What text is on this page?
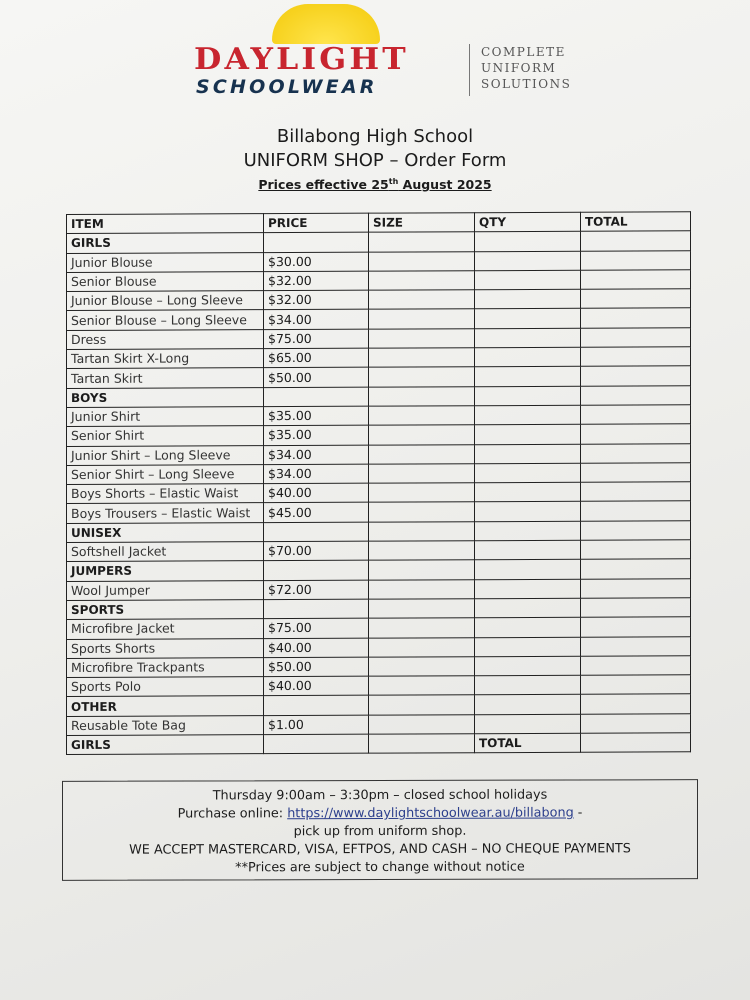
DAYLIGHT
SCHOOLWEAR
COMPLETE
UNIFORM
SOLUTIONS
Billabong High School
UNIFORM SHOP – Order Form
Prices effective 25th August 2025
ITEM	PRICE	SIZE	QTY	TOTAL
GIRLS				
Junior Blouse	$30.00			
Senior Blouse	$32.00			
Junior Blouse – Long Sleeve	$32.00			
Senior Blouse – Long Sleeve	$34.00			
Dress	$75.00			
Tartan Skirt X-Long	$65.00			
Tartan Skirt	$50.00			
BOYS				
Junior Shirt	$35.00			
Senior Shirt	$35.00			
Junior Shirt – Long Sleeve	$34.00			
Senior Shirt – Long Sleeve	$34.00			
Boys Shorts – Elastic Waist	$40.00			
Boys Trousers – Elastic Waist	$45.00			
UNISEX				
Softshell Jacket	$70.00			
JUMPERS				
Wool Jumper	$72.00			
SPORTS				
Microfibre Jacket	$75.00			
Sports Shorts	$40.00			
Microfibre Trackpants	$50.00			
Sports Polo	$40.00			
OTHER				
Reusable Tote Bag	$1.00			
GIRLS			TOTAL	
Thursday 9:00am – 3:30pm – closed school holidays
Purchase online: https://www.daylightschoolwear.au/billabong -
pick up from uniform shop.
WE ACCEPT MASTERCARD, VISA, EFTPOS, AND CASH – NO CHEQUE PAYMENTS
**Prices are subject to change without notice
